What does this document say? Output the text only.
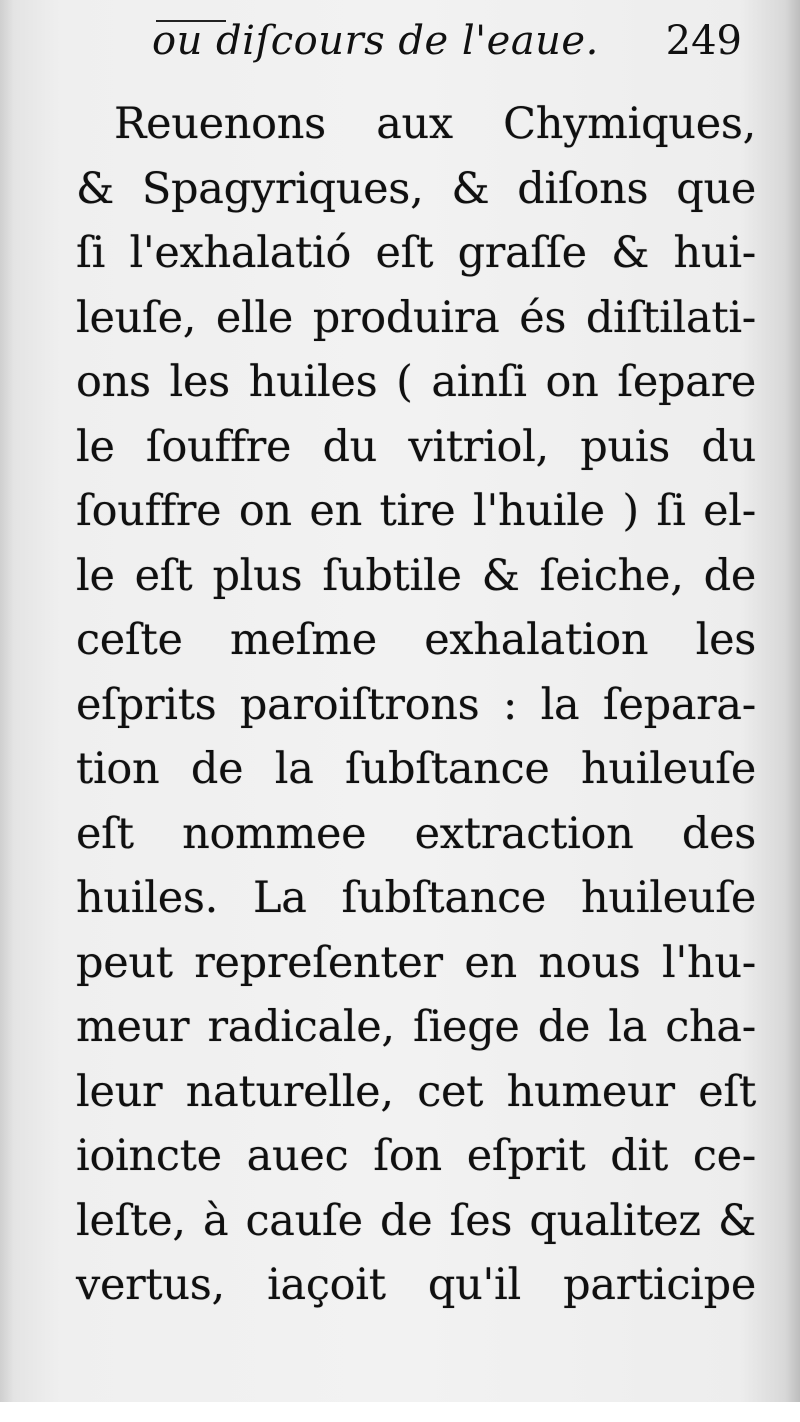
ou diſcours de l'eaue. 249
Reuenons aux Chymiques,
& Spagyriques, & diſons que
ſi l'exhalatió eſt graſſe & hui-
leuſe, elle produira és diſtilati-
ons les huiles ( ainſi on ſepare
le ſouffre du vitriol, puis du
ſouffre on en tire l'huile ) ſi el-
le eſt plus ſubtile & ſeiche, de
ceſte meſme exhalation les
eſprits paroiſtrons : la ſepara-
tion de la ſubſtance huileuſe
eſt nommee extraction des
huiles. La ſubſtance huileuſe
peut repreſenter en nous l'hu-
meur radicale, ſiege de la cha-
leur naturelle, cet humeur eſt
ioincte auec ſon eſprit dit ce-
leſte, à cauſe de ſes qualitez &
vertus, iaçoit qu'il participe
